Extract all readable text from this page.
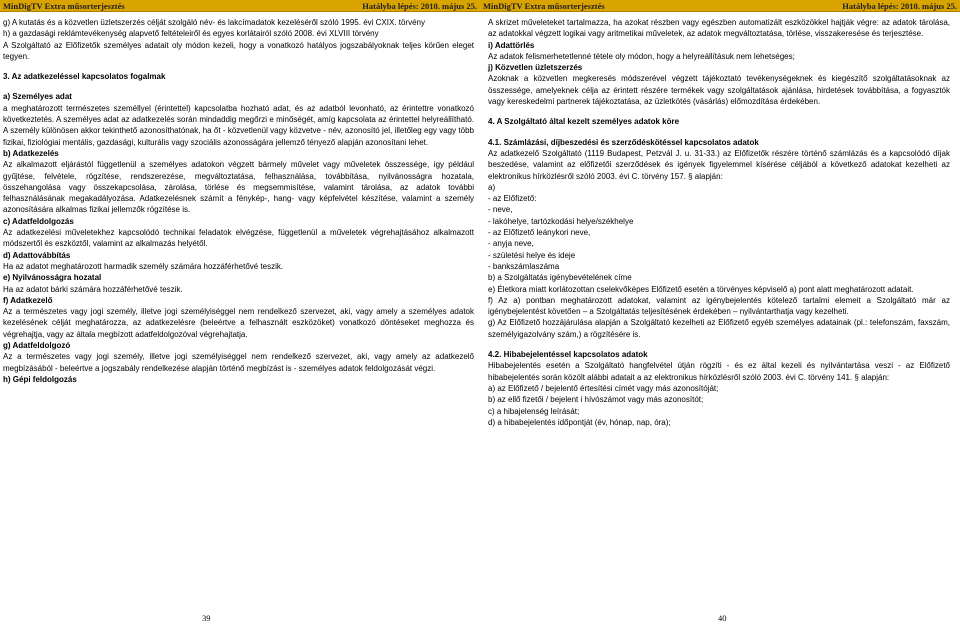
MinDigTV Extra műsorterjesztés	Hatályba lépés: 2010. május 25.

g) A kutatás és a közvetlen üzletszerzés célját szolgáló név- és lakcímadatok kezeléséről szóló 1995. évi CXIX. törvény

h) a gazdasági reklámtevékenység alapvető feltételeiről és egyes korlátairól szóló 2008. évi XLVIII törvény

A Szolgáltató az Előfizetők személyes adatait oly módon kezeli, hogy a vonatkozó hatályos jogszabályoknak teljes körűen eleget tegyen.

3. Az adatkezeléssel kapcsolatos fogalmak

a) Személyes adat

a meghatározott természetes személlyel (érintettel) kapcsolatba hozható adat, és az adatból levonható, az érintettre vonatkozó következtetés. A személyes adat az adatkezelés során mindaddig megőrzi e minőségét, amíg kapcsolata az érintettel helyreállítható. A személy különösen akkor tekinthető azonosíthatónak, ha őt - közvetlenül vagy közvetve - név, azonosító jel, illetőleg egy vagy több fizikai, fiziológiai mentális, gazdasági, kulturális vagy szociális azonosságára jellemző tényező alapján azonosítani lehet.

b) Adatkezelés

Az alkalmazott eljárástól függetlenül a személyes adatokon végzett bármely művelet vagy műveletek összessége, így például gyűjtése, felvétele, rögzítése, rendszerezése, megváltoztatása, felhasználása, továbbítása, nyilvánosságra hozatala, összehangolása vagy összekapcsolása, zárolása, törlése és megsemmisítése, valamint tárolása, az adatok további felhasználásának megakadályozása. Adatkezelésnek számít a fénykép-, hang- vagy képfelvétel készítése, valamint a személy azonosítására alkalmas fizikai jellemzők rögzítése is.

c) Adatfeldolgozás

Az adatkezelési műveletekhez kapcsolódó technikai feladatok elvégzése, függetlenül a műveletek végrehajtásához alkalmazott módszertől és eszköztől, valamint az alkalmazás helyétől.

d) Adattovábbítás

Ha az adatot meghatározott harmadik személy számára hozzáférhetővé teszik.

e) Nyilvánosságra hozatal

Ha az adatot bárki számára hozzáférhetővé teszik.

f) Adatkezelő

Az a természetes vagy jogi személy, illetve jogi személyiséggel nem rendelkező szervezet, aki, vagy amely a személyes adatok kezelésének célját meghatározza, az adatkezelésre (beleértve a felhasznált eszközöket) vonatkozó döntéseket meghozza és végrehajtja, vagy az általa megbízott adatfeldolgozóval végrehajtatja.

g) Adatfeldolgozó

Az a természetes vagy jogi személy, illetve jogi személyiséggel nem rendelkező szervezet, aki, vagy amely az adatkezelő megbízásából - beleértve a jogszabály rendelkezése alapján történő megbízást is - személyes adatok feldolgozását végzi.

h) Gépi feldolgozás

39
MinDigTV Extra műsorterjesztés	Hatályba lépés: 2010. május 25.

A skrizet műveleteket tartalmazza, ha azokat részben vagy egészben automatizált eszközökkel hajtják végre: az adatok tárolása, az adatokkal végzett logikai vagy aritmetikai műveletek, az adatok megváltoztatása, törlése, visszakeresése és terjesztése.

i) Adattörlés

Az adatok felismerhetetlenné tétele oly módon, hogy a helyreállításuk nem lehetséges;

j) Közvetlen üzletszerzés

Azoknak a közvetlen megkeresés módszerével végzett tájékoztató tevékenységeknek és kiegészítő szolgáltatásoknak az összessége, amelyeknek célja az érintett részére termékek vagy szolgáltatások ajánlása, hirdetések továbbítása, a fogyasztók vagy kereskedelmi partnerek tájékoztatása, az üzletkötés (vásárlás) előmozdítása érdekében.

4. A Szolgáltató által kezelt személyes adatok köre

4.1. Számlázási, díjbeszedési és szerződéskötéssel kapcsolatos adatok

Az adatkezelő Szolgáltató (1119 Budapest, Petzvál J. u. 31-33.) az Előfizetők részére történő számlázás és a kapcsolódó díjak beszedése, valamint az előfizetői szerződések és igények figyelemmel kísérése céljából a következő adatokat kezelheti az elektronikus hírközlésről szóló 2003. évi C. törvény 157. § alapján:

a)

- az Előfizető:

- neve,

- lakóhelye, tartózkodási helye/székhelye

- az Előfizető leánykori neve,

- anyja neve,

- születési helye és ideje

- bankszámlaszáma

b) a Szolgáltatás igénybevételének címe

e) Életkora miatt korlátozottan cselekvőképes Előfizető esetén a törvényes képviselő a) pont alatt meghatározott adatait.

f) Az a) pontban meghatározott adatokat, valamint az igénybejelentés kötelező tartalmi elemeit a Szolgáltató már az igénybejelentést követően – a Szolgáltatás teljesítésének érdekében – nyilvántarthatja vagy kezelheti.

g) Az Előfizető hozzájárulása alapján a Szolgáltató kezelheti az Előfizető egyéb személyes adatainak (pl.: telefonszám, faxszám, személyigazolvány szám,) a rögzítésére is.

4.2. Hibabejelentéssel kapcsolatos adatok

Hibabejelentés esetén a Szolgáltató hangfelvétel útján rögzíti - és ez által kezeli és nyilvántartása veszi - az Előfizető hibabejelentés során közölt alábbi adatait a az elektronikus hírközlésről szóló 2003. évi C. törvény 141. § alapján:

a) az Előfizető / bejelentő értesítési címét vagy más azonosítóját;

b) az ellő fizetői / bejelent i hívószámot vagy más azonosítót;

c) a hibajelenség leírását;

d) a hibabejelentés időpontját (év, hónap, nap, óra);

40
